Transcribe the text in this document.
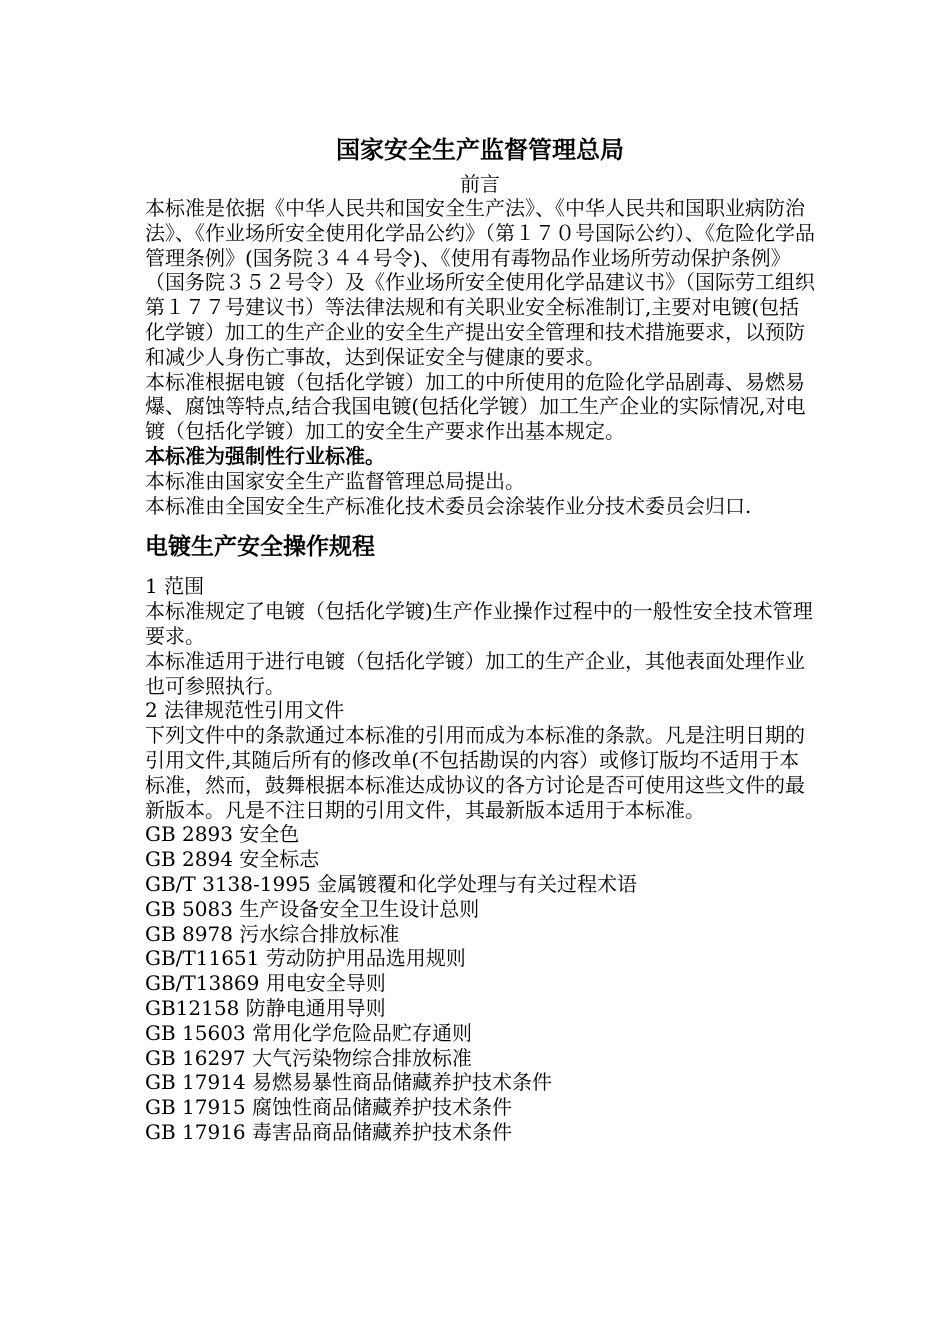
国家安全生产监督管理总局
前言

本标准是依据《中华人民共和国安全生产法》、《中华人民共和国职业病防治法》、《作业场所安全使用化学品公约》（第１７０号国际公约）、《危险化学品管理条例》(国务院３４４号令)、《使用有毒物品作业场所劳动保护条例》（国务院３５２号令）及《作业场所安全使用化学品建议书》（国际劳工组织第１７７号建议书）等法律法规和有关职业安全标准制订,主要对电镀(包括化学镀）加工的生产企业的安全生产提出安全管理和技术措施要求，以预防和减少人身伤亡事故，达到保证安全与健康的要求。

本标准根据电镀（包括化学镀）加工的中所使用的危险化学品剧毒、易燃易爆、腐蚀等特点,结合我国电镀(包括化学镀）加工生产企业的实际情况,对电镀（包括化学镀）加工的安全生产要求作出基本规定。

本标准为强制性行业标准。

本标准由国家安全生产监督管理总局提出。

本标准由全国安全生产标准化技术委员会涂装作业分技术委员会归口.

电镀生产安全操作规程

1 范围

本标准规定了电镀（包括化学镀)生产作业操作过程中的一般性安全技术管理要求。

本标准适用于进行电镀（包括化学镀）加工的生产企业，其他表面处理作业也可参照执行。

2 法律规范性引用文件

下列文件中的条款通过本标准的引用而成为本标准的条款。凡是注明日期的引用文件,其随后所有的修改单(不包括勘误的内容）或修订版均不适用于本标准，然而，鼓舞根据本标准达成协议的各方讨论是否可使用这些文件的最新版本。凡是不注日期的引用文件，其最新版本适用于本标准。

GB 2893 安全色

GB 2894 安全标志

GB/T 3138-1995 金属镀覆和化学处理与有关过程术语

GB 5083 生产设备安全卫生设计总则

GB 8978 污水综合排放标准

GB/T11651 劳动防护用品选用规则

GB/T13869 用电安全导则

GB12158 防静电通用导则

GB 15603 常用化学危险品贮存通则

GB 16297 大气污染物综合排放标准

GB 17914 易燃易暴性商品储藏养护技术条件

GB 17915 腐蚀性商品储藏养护技术条件

GB 17916 毒害品商品储藏养护技术条件
